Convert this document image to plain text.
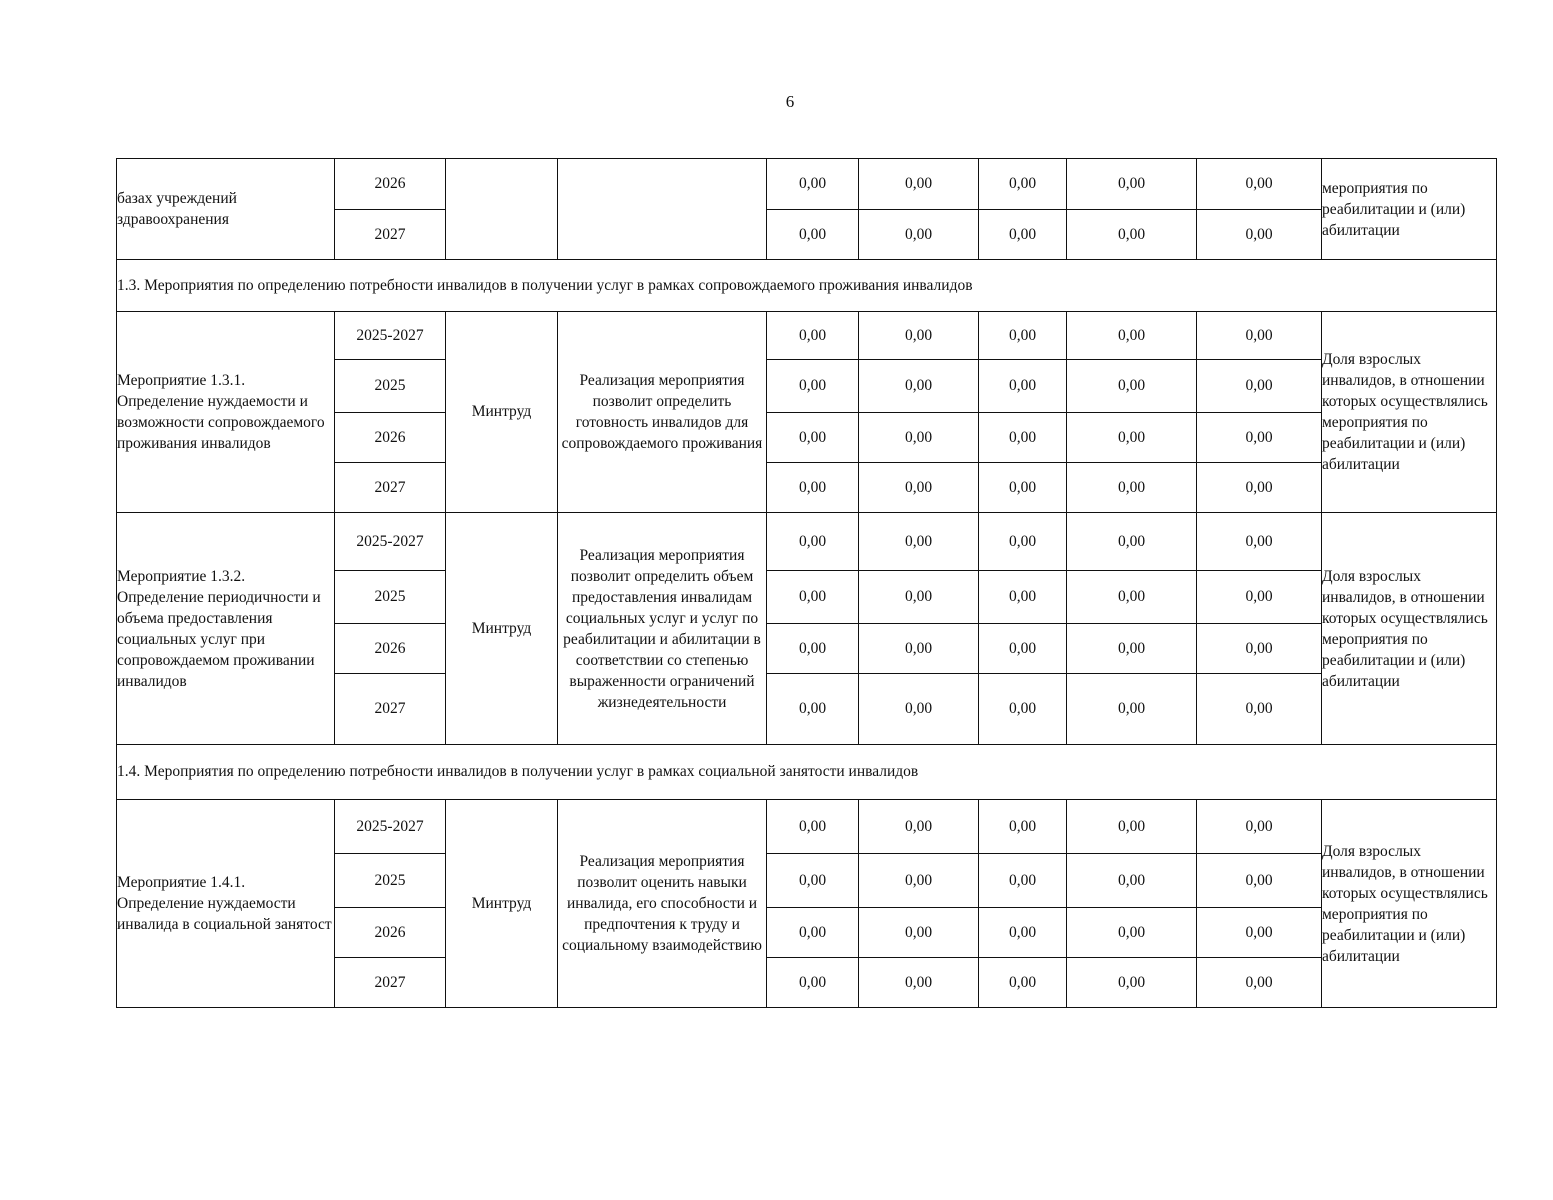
6
базах учреждений здравоохранения	2026			0,00	0,00	0,00	0,00	0,00	мероприятия по реабилитации и (или) абилитации
	2027			0,00	0,00	0,00	0,00	0,00	
1.3. Мероприятия по определению потребности инвалидов в получении услуг в рамках сопровождаемого проживания инвалидов									
Мероприятие 1.3.1. Определение нуждаемости и возможности сопровождаемого проживания инвалидов	2025-2027	Минтруд	Реализация мероприятия позволит определить готовность инвалидов для сопровождаемого проживания	0,00	0,00	0,00	0,00	0,00	Доля взрослых инвалидов, в отношении которых осуществлялись мероприятия по реабилитации и (или) абилитации
	2025			0,00	0,00	0,00	0,00	0,00	
	2026			0,00	0,00	0,00	0,00	0,00	
	2027			0,00	0,00	0,00	0,00	0,00	
Мероприятие 1.3.2. Определение периодичности и объема предоставления социальных услуг при сопровождаемом проживании инвалидов	2025-2027	Минтруд	Реализация мероприятия позволит определить объем предоставления инвалидам социальных услуг и услуг по реабилитации и абилитации в соответствии со степенью выраженности ограничений жизнедеятельности	0,00	0,00	0,00	0,00	0,00	Доля взрослых инвалидов, в отношении которых осуществлялись мероприятия по реабилитации и (или) абилитации
	2025			0,00	0,00	0,00	0,00	0,00	
	2026			0,00	0,00	0,00	0,00	0,00	
	2027			0,00	0,00	0,00	0,00	0,00	
1.4. Мероприятия по определению потребности инвалидов в получении услуг в рамках социальной занятости инвалидов									
Мероприятие 1.4.1. Определение нуждаемости инвалида в социальной занятост	2025-2027	Минтруд	Реализация мероприятия позволит оценить навыки инвалида, его способности и предпочтения к труду и социальному взаимодействию	0,00	0,00	0,00	0,00	0,00	Доля взрослых инвалидов, в отношении которых осуществлялись мероприятия по реабилитации и (или) абилитации
	2025			0,00	0,00	0,00	0,00	0,00	
	2026			0,00	0,00	0,00	0,00	0,00	
	2027			0,00	0,00	0,00	0,00	0,00	
